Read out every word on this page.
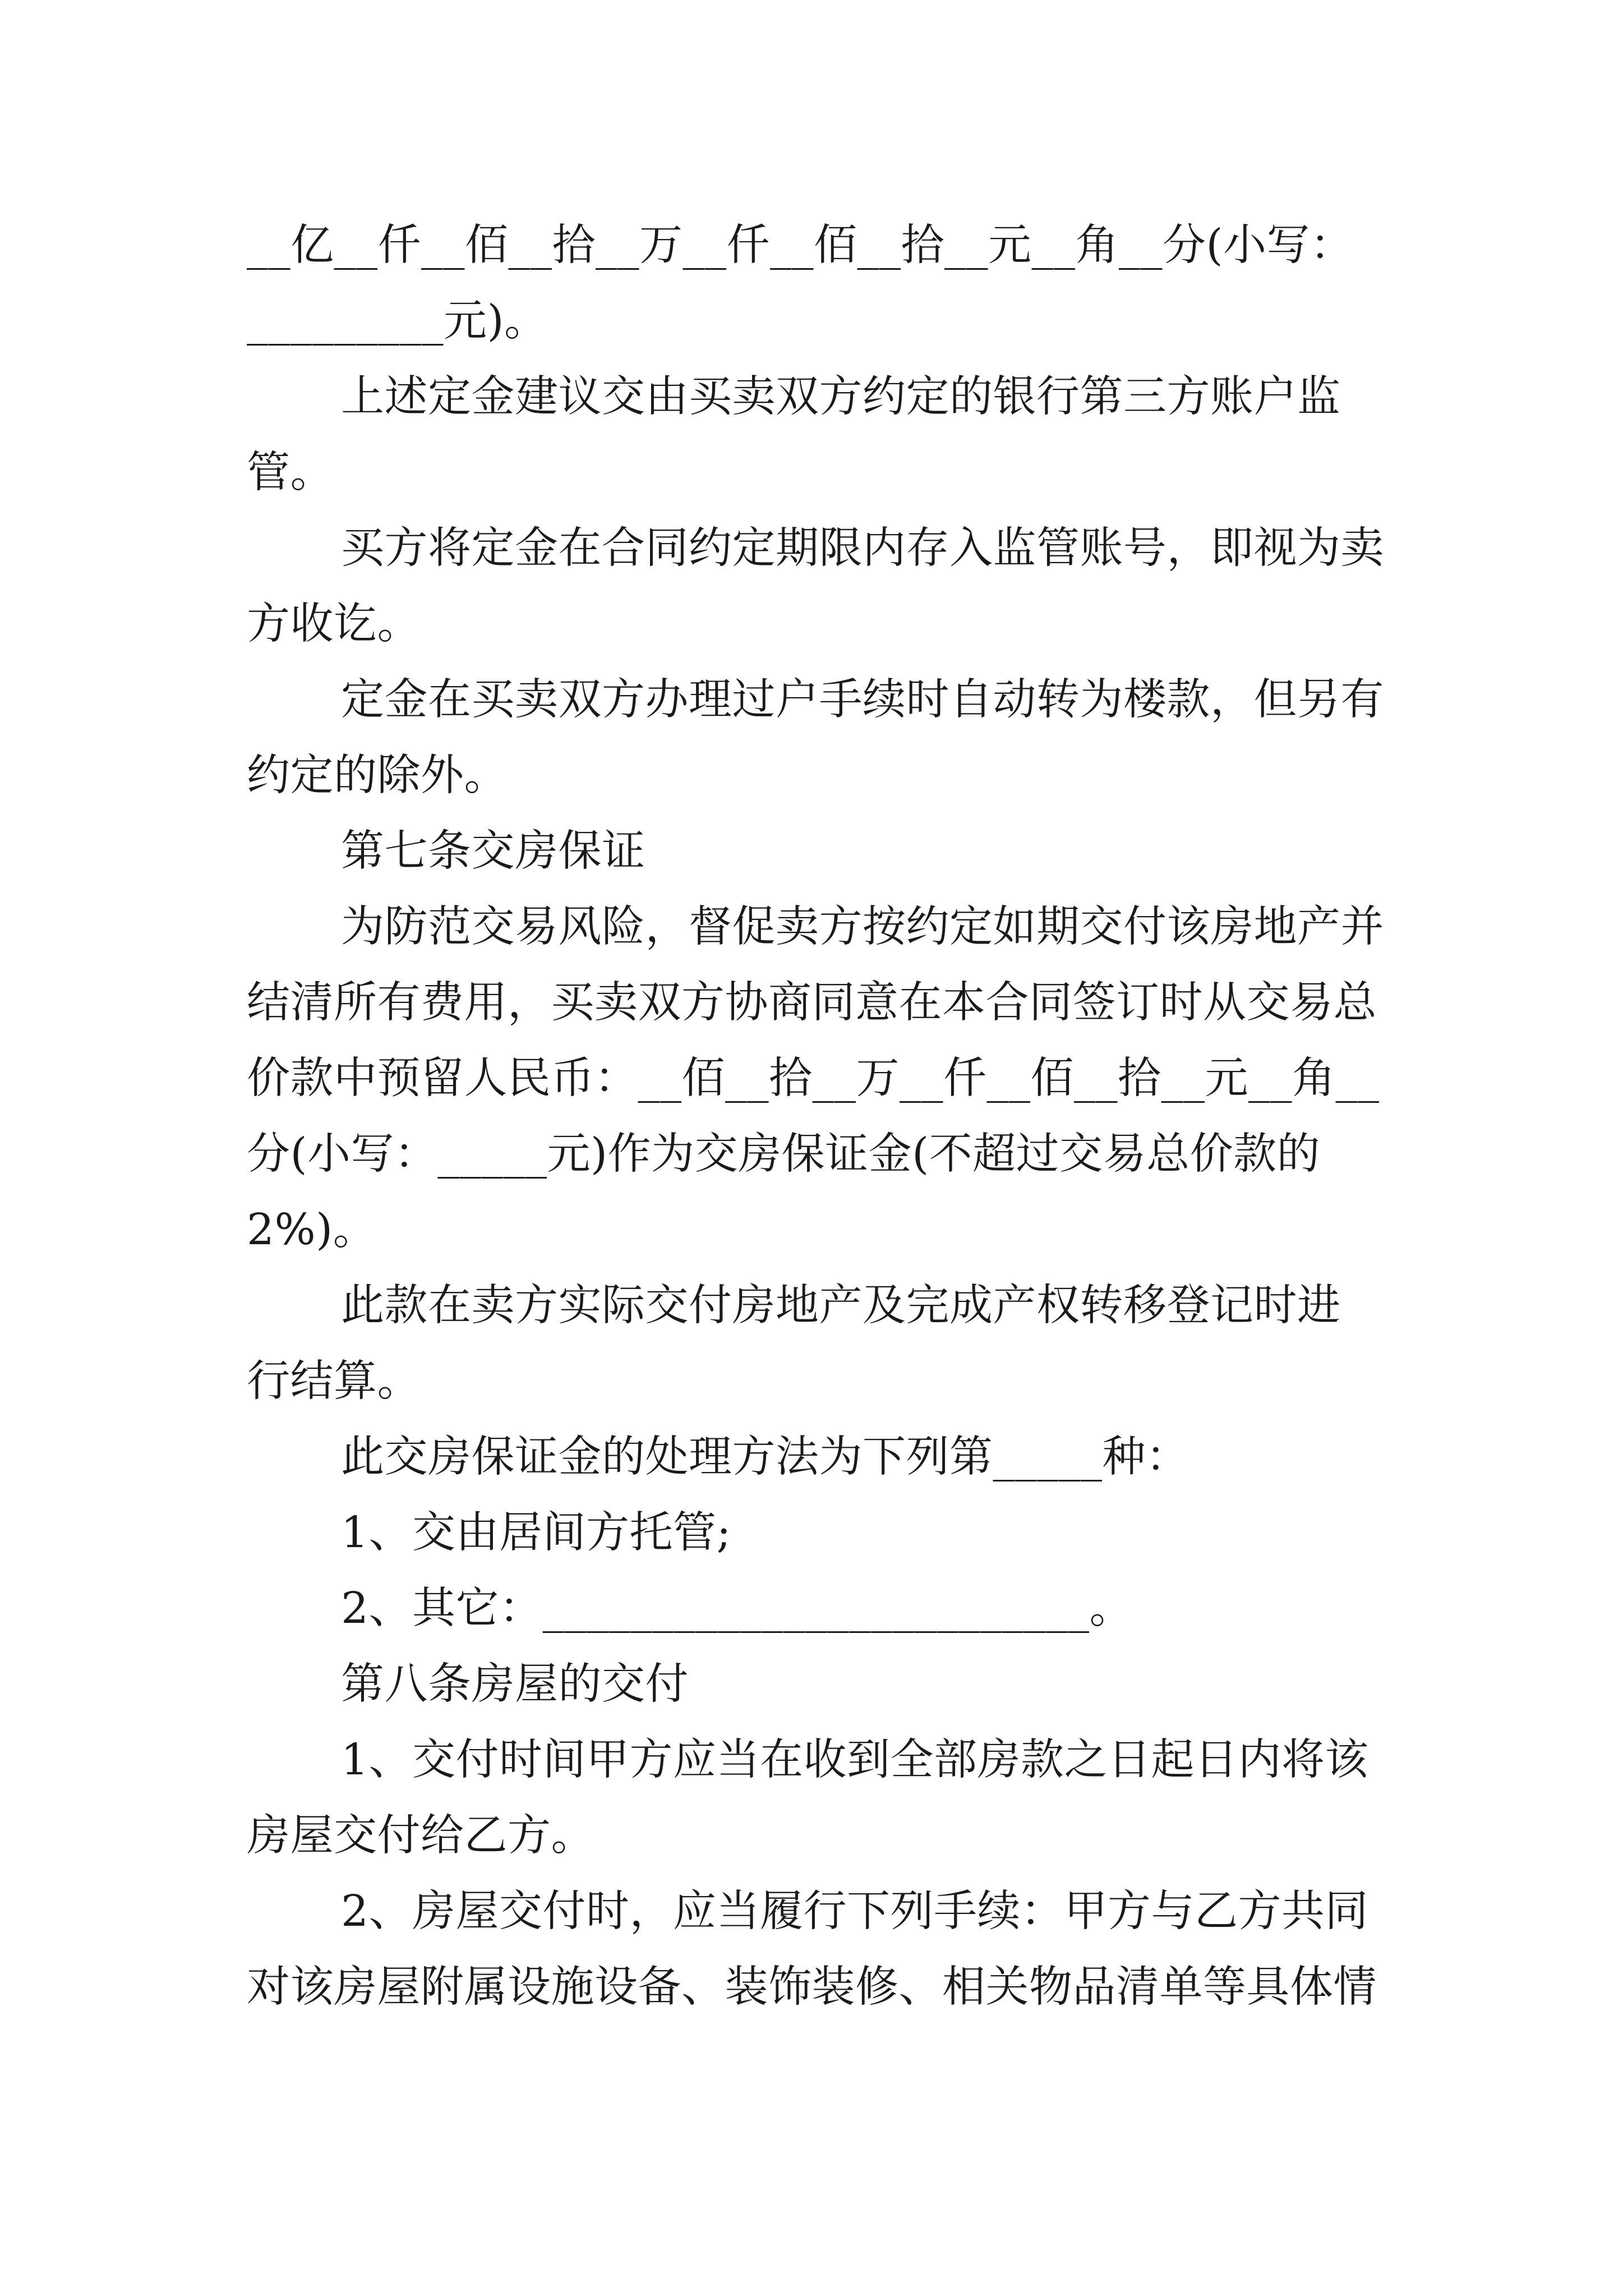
__亿__仟__佰__拾__万__仟__佰__拾__元__角__分(小写：
_________元)。
上述定金建议交由买卖双方约定的银行第三方账户监
管。
买方将定金在合同约定期限内存入监管账号，即视为卖
方收讫。
定金在买卖双方办理过户手续时自动转为楼款，但另有
约定的除外。
第七条交房保证
为防范交易风险，督促卖方按约定如期交付该房地产并
结清所有费用，买卖双方协商同意在本合同签订时从交易总
价款中预留人民币：__佰__拾__万__仟__佰__拾__元__角__
分(小写：_____元)作为交房保证金(不超过交易总价款的
2%)。
此款在卖方实际交付房地产及完成产权转移登记时进
行结算。
此交房保证金的处理方法为下列第_____种：
1、交由居间方托管;
2、其它：_________________________。
第八条房屋的交付
1、交付时间甲方应当在收到全部房款之日起日内将该
房屋交付给乙方。
2、房屋交付时，应当履行下列手续：甲方与乙方共同
对该房屋附属设施设备、装饰装修、相关物品清单等具体情
